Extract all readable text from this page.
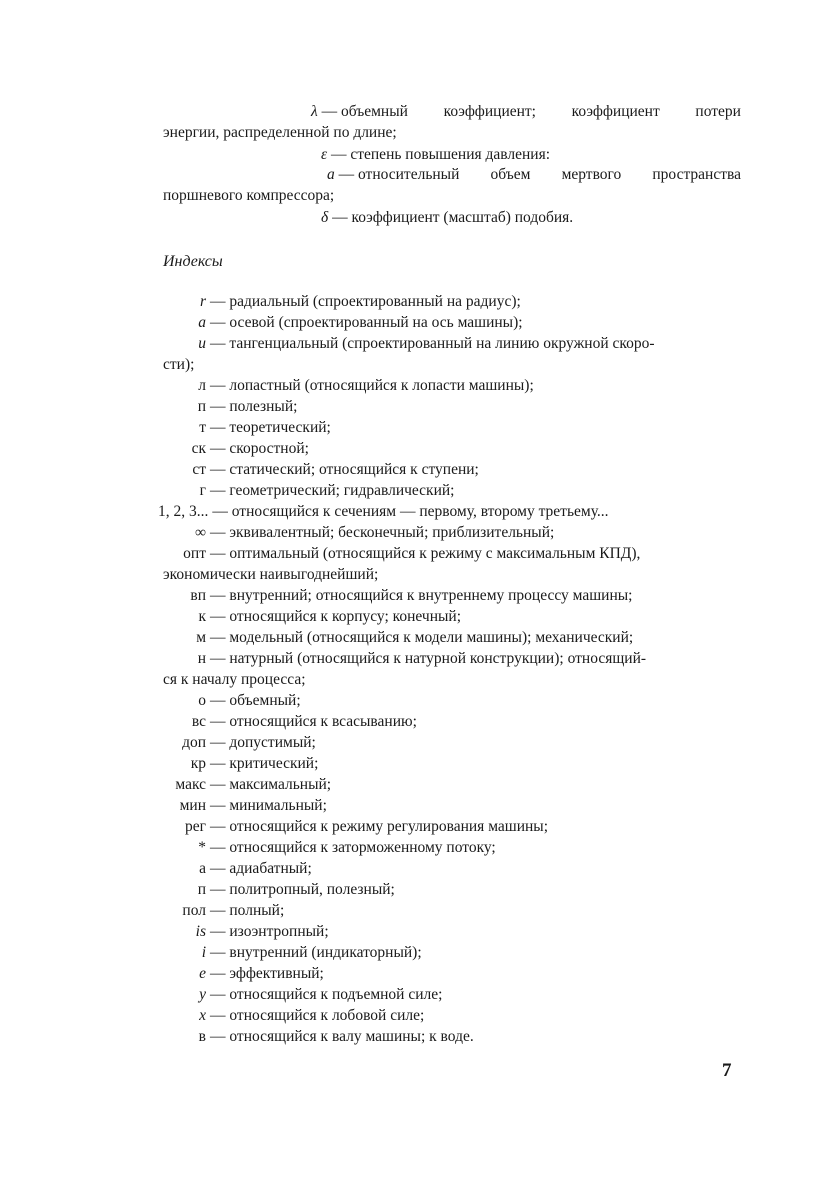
λ — объемный коэффициент; коэффициент потери
энергии, распределенной по длине;
ε — степень повышения давления:
a — относительный объем мертвого пространства
поршневого компрессора;
δ — коэффициент (масштаб) подобия.
Индексы
r — радиальный (спроектированный на радиус);
a — осевой (спроектированный на ось машины);
u — тангенциальный (спроектированный на линию окружной скоро-
сти);
л — лопастный (относящийся к лопасти машины);
п — полезный;
т — теоретический;
ск — скоростной;
ст — статический; относящийся к ступени;
г — геометрический; гидравлический;
1, 2, 3... — относящийся к сечениям — первому, второму третьему...
∞ — эквивалентный; бесконечный; приблизительный;
опт — оптимальный (относящийся к режиму с максимальным КПД),
экономически наивыгоднейший;
вп — внутренний; относящийся к внутреннему процессу машины;
к — относящийся к корпусу; конечный;
м — модельный (относящийся к модели машины); механический;
н — натурный (относящийся к натурной конструкции); относящий-
ся к началу процесса;
о — объемный;
вс — относящийся к всасыванию;
доп — допустимый;
кр — критический;
макс — максимальный;
мин — минимальный;
рег — относящийся к режиму регулирования машины;
* — относящийся к заторможенному потоку;
а — адиабатный;
п — политропный, полезный;
пол — полный;
is — изоэнтропный;
i — внутренний (индикаторный);
e — эффективный;
y — относящийся к подъемной силе;
x — относящийся к лобовой силе;
в — относящийся к валу машины; к воде.
7
